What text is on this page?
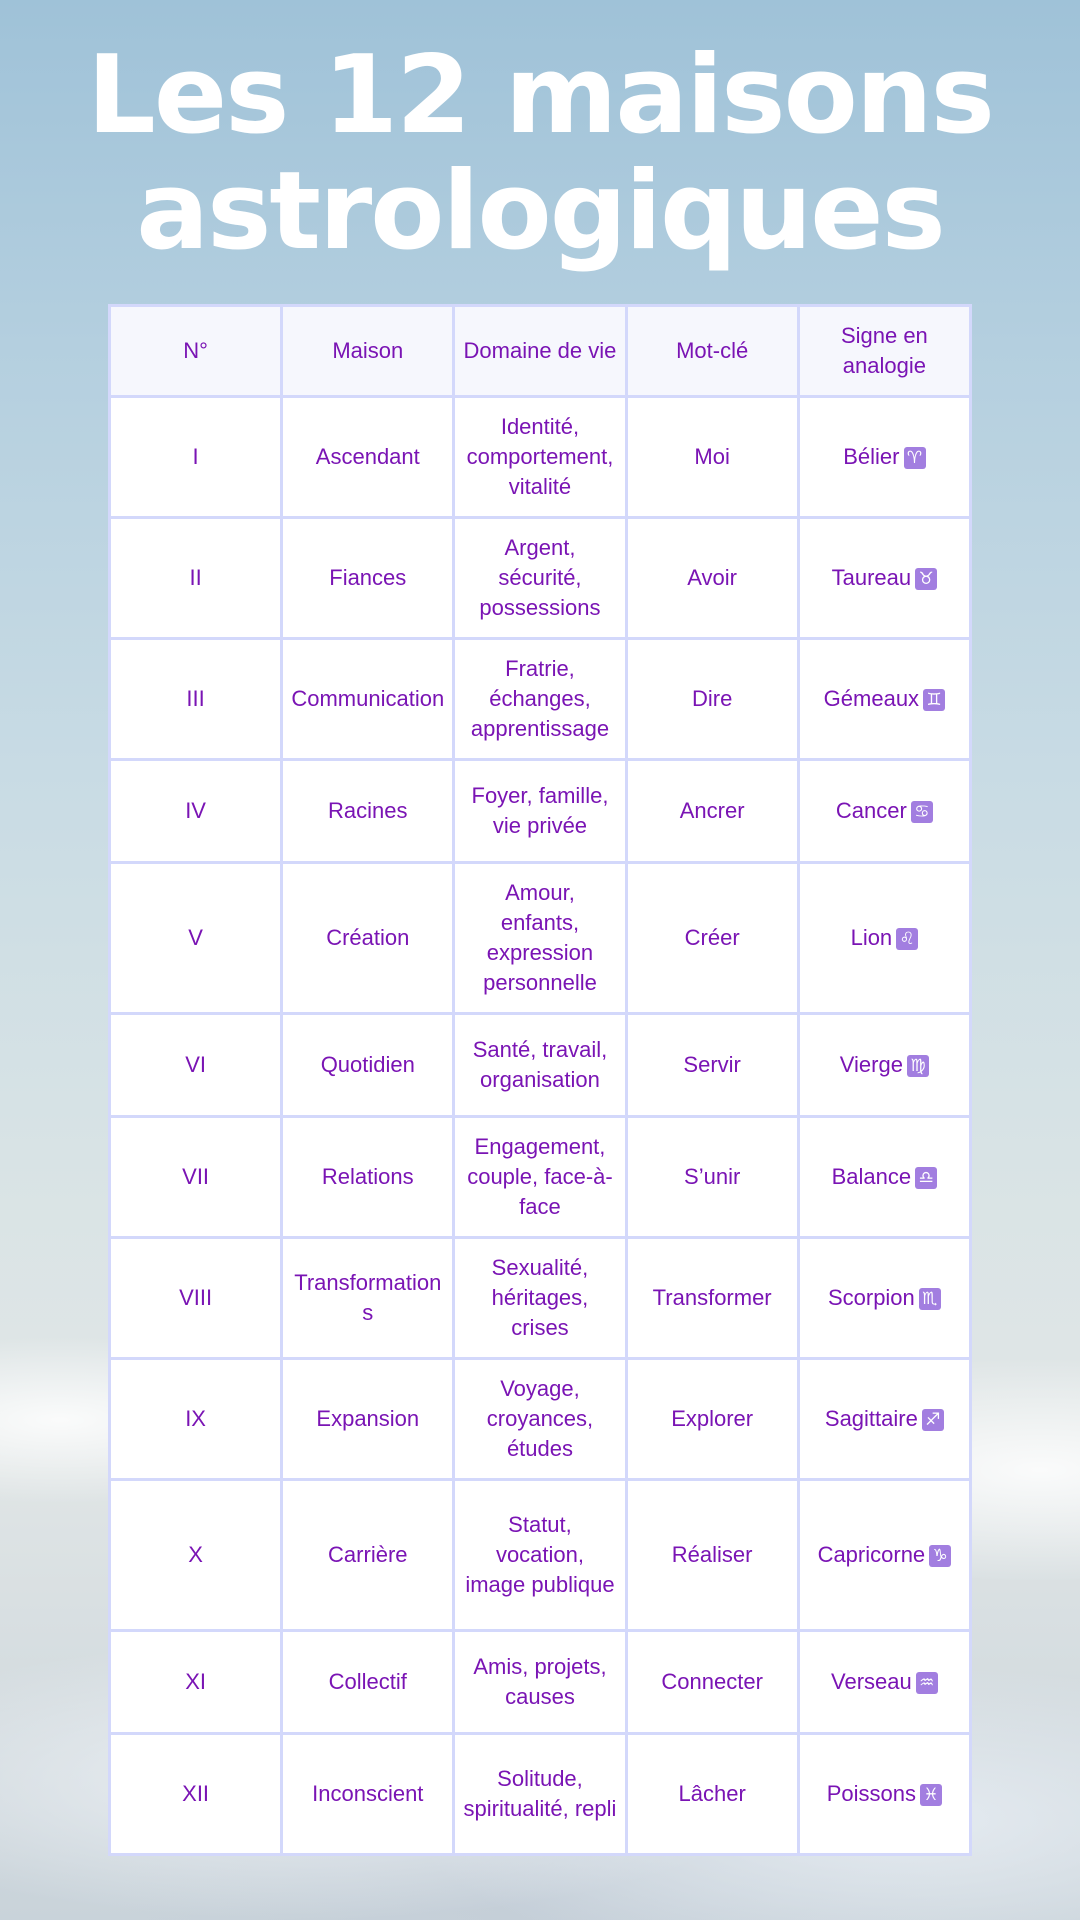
Les 12 maisons
astrologiques
N°	Maison	Domaine de vie	Mot-clé	Signe en analogie
I	Ascendant	Identité, comportement, vitalité	Moi	Bélier ♈
II	Fiances	Argent, sécurité, possessions	Avoir	Taureau ♉
III	Communication	Fratrie, échanges, apprentissage	Dire	Gémeaux ♊
IV	Racines	Foyer, famille, vie privée	Ancrer	Cancer ♋
V	Création	Amour, enfants, expression personnelle	Créer	Lion ♌
VI	Quotidien	Santé, travail, organisation	Servir	Vierge ♍
VII	Relations	Engagement, couple, face-à-face	S’unir	Balance ♎
VIII	Transformations	Sexualité, héritages, crises	Transformer	Scorpion ♏
IX	Expansion	Voyage, croyances, études	Explorer	Sagittaire ♐
X	Carrière	Statut, vocation, image publique	Réaliser	Capricorne ♑
XI	Collectif	Amis, projets, causes	Connecter	Verseau ♒
XII	Inconscient	Solitude, spiritualité, repli	Lâcher	Poissons ♓
